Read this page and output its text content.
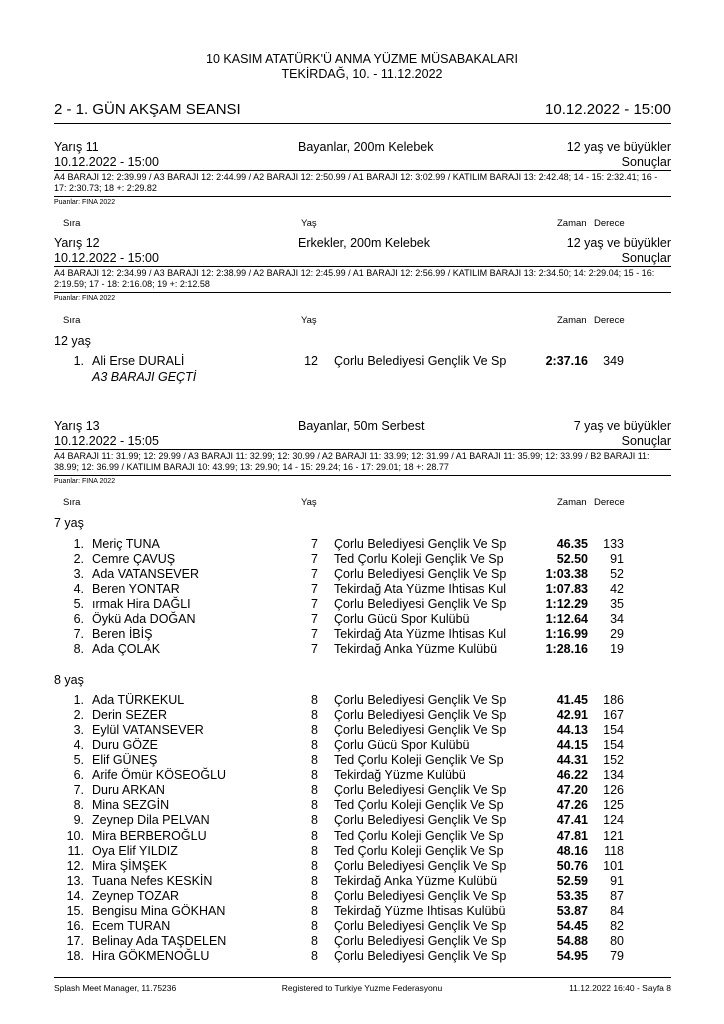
10 KASIM ATATÜRK'Ü ANMA YÜZME MÜSABAKALARI
TEKİRDAĞ, 10. - 11.12.2022
2 - 1. GÜN AKŞAM SEANSI	10.12.2022 - 15:00
Yarış 11	Bayanlar, 200m Kelebek	12 yaş ve büyükler
10.12.2022 - 15:00	Sonuçlar
A4 BARAJI 12: 2:39.99 / A3 BARAJI 12: 2:44.99 / A2 BARAJI 12: 2:50.99 / A1 BARAJI 12: 3:02.99 / KATILIM BARAJI 13: 2:42.48; 14 - 15: 2:32.41; 16 - 17: 2:30.73; 18 +: 2:29.82
Puanlar: FINA 2022
Sıra	Yaş	Zaman Derece
Yarış 12	Erkekler, 200m Kelebek	12 yaş ve büyükler
10.12.2022 - 15:00	Sonuçlar
A4 BARAJI 12: 2:34.99 / A3 BARAJI 12: 2:38.99 / A2 BARAJI 12: 2:45.99 / A1 BARAJI 12: 2:56.99 / KATILIM BARAJI 13: 2:34.50; 14: 2:29.04; 15 - 16: 2:19.59; 17 - 18: 2:16.08; 19 +: 2:12.58
Puanlar: FINA 2022
Sıra	Yaş	Zaman Derece
12 yaş
1. Ali Erse DURALİ	12 Çorlu Belediyesi Gençlik Ve Sp	2:37.16	349
A3 BARAJI GEÇTİ
Yarış 13	Bayanlar, 50m Serbest	7 yaş ve büyükler
10.12.2022 - 15:05	Sonuçlar
A4 BARAJI 11: 31.99; 12: 29.99 / A3 BARAJI 11: 32.99; 12: 30.99 / A2 BARAJI 11: 33.99; 12: 31.99 / A1 BARAJI 11: 35.99; 12: 33.99 / B2 BARAJI 11: 38.99; 12: 36.99 / KATILIM BARAJI 10: 43.99; 13: 29.90; 14 - 15: 29.24; 16 - 17: 29.01; 18 +: 28.77
Puanlar: FINA 2022
Sıra	Yaş	Zaman Derece
7 yaş
1. Meriç TUNA	7 Çorlu Belediyesi Gençlik Ve Sp	46.35	133
2. Cemre ÇAVUŞ	7 Ted Çorlu Koleji Gençlik Ve Sp	52.50	91
3. Ada VATANSEVER	7 Çorlu Belediyesi Gençlik Ve Sp	1:03.38	52
4. Beren YONTAR	7 Tekirdağ Ata Yüzme Ihtisas Kul	1:07.83	42
5. ırmak Hira DAĞLI	7 Çorlu Belediyesi Gençlik Ve Sp	1:12.29	35
6. Öykü Ada DOĞAN	7 Çorlu Gücü Spor Kulübü	1:12.64	34
7. Beren İBİŞ	7 Tekirdağ Ata Yüzme Ihtisas Kul	1:16.99	29
8. Ada ÇOLAK	7 Tekirdağ Anka Yüzme Kulübü	1:28.16	19
8 yaş
1. Ada TÜRKEKUL	8 Çorlu Belediyesi Gençlik Ve Sp	41.45	186
2. Derin SEZER	8 Çorlu Belediyesi Gençlik Ve Sp	42.91	167
3. Eylül VATANSEVER	8 Çorlu Belediyesi Gençlik Ve Sp	44.13	154
4. Duru GÖZE	8 Çorlu Gücü Spor Kulübü	44.15	154
5. Elif GÜNEŞ	8 Ted Çorlu Koleji Gençlik Ve Sp	44.31	152
6. Arife Ömür KÖSEOĞLU	8 Tekirdağ Yüzme Kulübü	46.22	134
7. Duru ARKAN	8 Çorlu Belediyesi Gençlik Ve Sp	47.20	126
8. Mina SEZGİN	8 Ted Çorlu Koleji Gençlik Ve Sp	47.26	125
9. Zeynep Dila PELVAN	8 Çorlu Belediyesi Gençlik Ve Sp	47.41	124
10. Mira BERBEROĞLU	8 Ted Çorlu Koleji Gençlik Ve Sp	47.81	121
11. Oya Elif YILDIZ	8 Ted Çorlu Koleji Gençlik Ve Sp	48.16	118
12. Mira ŞİMŞEK	8 Çorlu Belediyesi Gençlik Ve Sp	50.76	101
13. Tuana Nefes KESKİN	8 Tekirdağ Anka Yüzme Kulübü	52.59	91
14. Zeynep TOZAR	8 Çorlu Belediyesi Gençlik Ve Sp	53.35	87
15. Bengisu Mina GÖKHAN	8 Tekirdağ Yüzme Ihtisas Kulübü	53.87	84
16. Ecem TURAN	8 Çorlu Belediyesi Gençlik Ve Sp	54.45	82
17. Belinay Ada TAŞDELEN	8 Çorlu Belediyesi Gençlik Ve Sp	54.88	80
18. Hira GÖKMENOĞLU	8 Çorlu Belediyesi Gençlik Ve Sp	54.95	79
Splash Meet Manager, 11.75236	Registered to Turkiye Yuzme Federasyonu	11.12.2022 16:40 - Sayfa 8
